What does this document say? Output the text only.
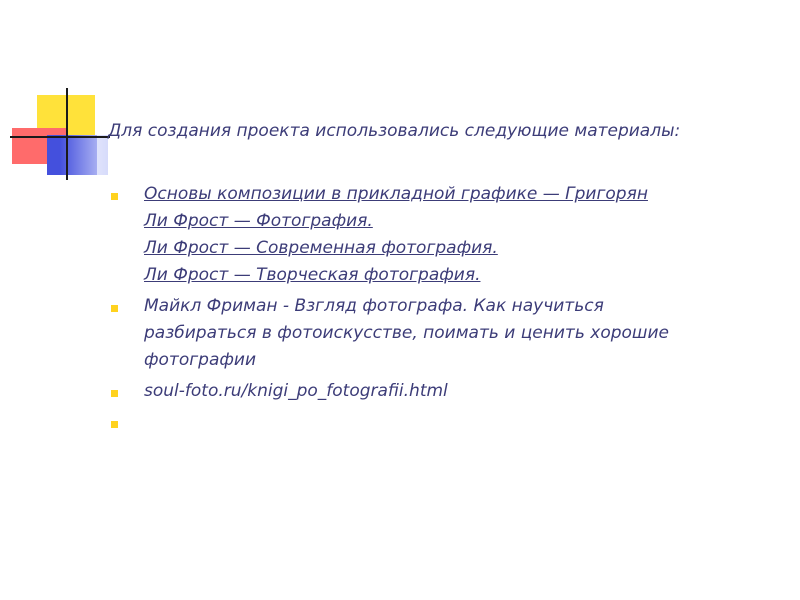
Для создания проекта использовались следующие материалы:
Основы композиции в прикладной графике — Григорян
Ли Фрост — Фотография.
Ли Фрост — Современная фотография.
Ли Фрост — Творческая фотография.
Майкл Фриман - Взгляд фотографа. Как научиться
разбираться в фотоискусстве, поимать и ценить хорошие
фотографии
soul-foto.ru/knigi_po_fotografii.html
